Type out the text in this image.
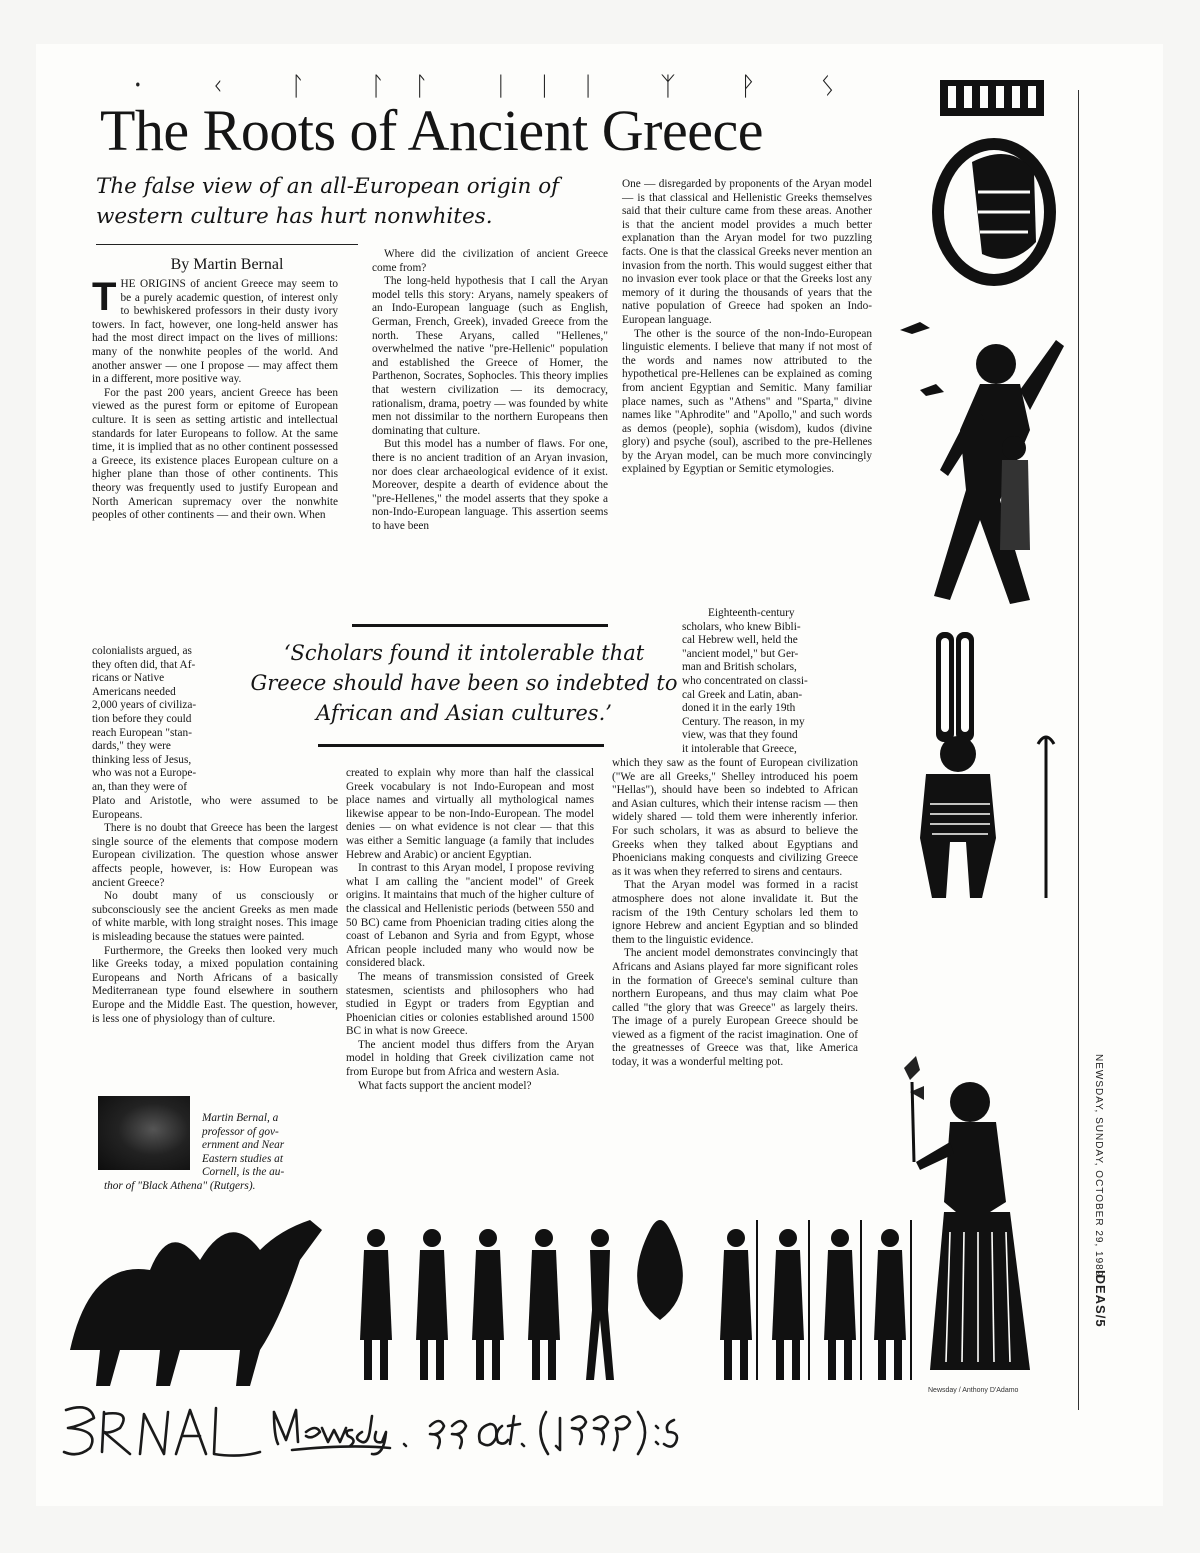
᛫ ᚲ ᛚ ᛚᛚ ᛁᛁᛁ ᛉ ᚹ ᛊ
The Roots of Ancient Greece
The false view of an all-European origin of western culture has hurt nonwhites.
By Martin Bernal

THE ORIGINS of ancient Greece may seem to be a purely academic question, of interest only to bewhiskered professors in their dusty ivory towers. In fact, however, one long-held answer has had the most direct impact on the lives of millions: many of the nonwhite peoples of the world. And another answer — one I propose — may affect them in a different, more positive way.

For the past 200 years, ancient Greece has been viewed as the purest form or epitome of European culture. It is seen as setting artistic and intellectual standards for later Europeans to follow. At the same time, it is implied that as no other continent possessed a Greece, its existence places European culture on a higher plane than those of other continents. This theory was frequently used to justify European and North American supremacy over the nonwhite peoples of other continents — and their own. When

colonialists argued, as
they often did, that Af-
ricans or Native
Americans needed
2,000 years of civiliza-
tion before they could
reach European "stan-
dards," they were
thinking less of Jesus,
who was not a Europe-
an, than they were of

Plato and Aristotle, who were assumed to be Europeans.

There is no doubt that Greece has been the largest single source of the elements that compose modern European civilization. The question whose answer affects people, however, is: How European was ancient Greece?

No doubt many of us consciously or subconsciously see the ancient Greeks as men made of white marble, with long straight noses. This image is misleading because the statues were painted.

Furthermore, the Greeks then looked very much like Greeks today, a mixed population containing Europeans and North Africans of a basically Mediterranean type found elsewhere in southern Europe and the Middle East. The question, however, is less one of physiology than of culture.

Where did the civilization of ancient Greece come from?

The long-held hypothesis that I call the Aryan model tells this story: Aryans, namely speakers of an Indo-European language (such as English, German, French, Greek), invaded Greece from the north. These Aryans, called "Hellenes," overwhelmed the native "pre-Hellenic" population and established the Greece of Homer, the Parthenon, Socrates, Sophocles. This theory implies that western civilization — its democracy, rationalism, drama, poetry — was founded by white men not dissimilar to the northern Europeans then dominating that culture.

But this model has a number of flaws. For one, there is no ancient tradition of an Aryan invasion, nor does clear archaeological evidence of it exist. Moreover, despite a dearth of evidence about the "pre-Hellenes," the model asserts that they spoke a non-Indo-European language. This assertion seems to have been

‘Scholars found it intolerable that Greece should have been so indebted to African and Asian cultures.’

created to explain why more than half the classical Greek vocabulary is not Indo-European and most place names and virtually all mythological names likewise appear to be non-Indo-European. The model denies — on what evidence is not clear — that this was either a Semitic language (a family that includes Hebrew and Arabic) or ancient Egyptian.

In contrast to this Aryan model, I propose reviving what I am calling the "ancient model" of Greek origins. It maintains that much of the higher culture of the classical and Hellenistic periods (between 550 and 50 BC) came from Phoenician trading cities along the coast of Lebanon and Syria and from Egypt, whose African people included many who would now be considered black.

The means of transmission consisted of Greek statesmen, scientists and philosophers who had studied in Egypt or traders from Egyptian and Phoenician cities or colonies established around 1500 BC in what is now Greece.

The ancient model thus differs from the Aryan model in holding that Greek civilization came not from Europe but from Africa and western Asia.

What facts support the ancient model?

One — disregarded by proponents of the Aryan model — is that classical and Hellenistic Greeks themselves said that their culture came from these areas. Another is that the ancient model provides a much better explanation than the Aryan model for two puzzling facts. One is that the classical Greeks never mention an invasion from the north. This would suggest either that no invasion ever took place or that the Greeks lost any memory of it during the thousands of years that the native population of Greece had spoken an Indo-European language.

The other is the source of the non-Indo-European linguistic elements. I believe that many if not most of the words and names now attributed to the hypothetical pre-Hellenes can be explained as coming from ancient Egyptian and Semitic. Many familiar place names, such as "Athens" and "Sparta," divine names like "Aphrodite" and "Apollo," and such words as demos (people), sophia (wisdom), kudos (divine glory) and psyche (soul), ascribed to the pre-Hellenes by the Aryan model, can be much more convincingly explained by Egyptian or Semitic etymologies.

Eighteenth-century
scholars, who knew Bibli-
cal Hebrew well, held the
"ancient model," but Ger-
man and British scholars,
who concentrated on classi-
cal Greek and Latin, aban-
doned it in the early 19th
Century. The reason, in my
view, was that they found
it intolerable that Greece,

which they saw as the fount of European civilization ("We are all Greeks," Shelley introduced his poem "Hellas"), should have been so indebted to African and Asian cultures, which their intense racism — then widely shared — told them were inherently inferior. For such scholars, it was as absurd to believe the Greeks when they talked about Egyptians and Phoenicians making conquests and civilizing Greece as it was when they referred to sirens and centaurs.

That the Aryan model was formed in a racist atmosphere does not alone invalidate it. But the racism of the 19th Century scholars led them to ignore Hebrew and ancient Egyptian and so blinded them to the linguistic evidence.

The ancient model demonstrates convincingly that Africans and Asians played far more significant roles in the formation of Greece's seminal culture than northern Europeans, and thus may claim what Poe called "the glory that was Greece" as largely theirs. The image of a purely European Greece should be viewed as a figment of the racist imagination. One of the greatnesses of Greece was that, like America today, it was a wonderful melting pot.

Martin Bernal, a
professor of gov-
ernment and Near
Eastern studies at
Cornell, is the au-
thor of "Black Athena" (Rutgers).	NEWSDAY, SUNDAY, OCTOBER 29, 1989
IDEAS/5
Newsday / Anthony D'Adamo
